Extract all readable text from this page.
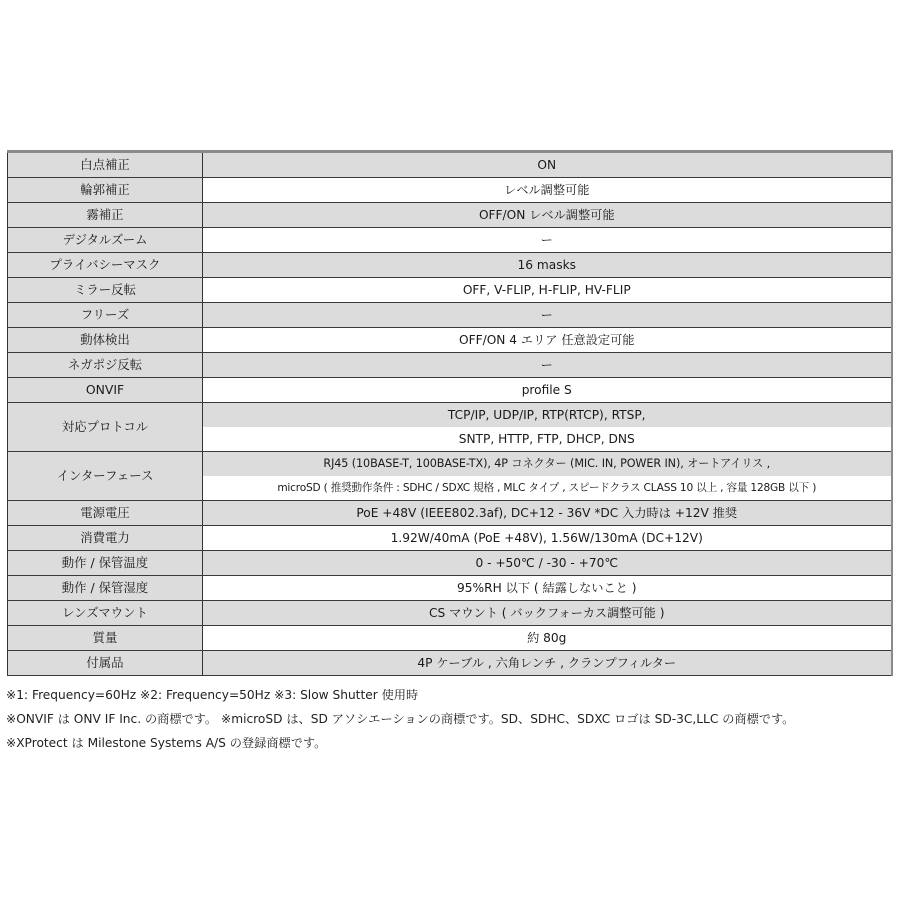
白点補正	ON
輪郭補正	レベル調整可能
霧補正	OFF/ON レベル調整可能
デジタルズーム	ー
プライバシーマスク	16 masks
ミラー反転	OFF, V-FLIP, H-FLIP, HV-FLIP
フリーズ	ー
動体検出	OFF/ON 4 エリア 任意設定可能
ネガポジ反転	ー
ONVIF	profile S
対応プロトコル	TCP/IP, UDP/IP, RTP(RTCP), RTSP,
	SNTP, HTTP, FTP, DHCP, DNS
インターフェース	RJ45 (10BASE-T, 100BASE-TX), 4P コネクター (MIC. IN, POWER IN), オートアイリス ,
	microSD ( 推奨動作条件 : SDHC / SDXC 規格 , MLC タイプ , スピードクラス CLASS 10 以上 , 容量 128GB 以下 )
電源電圧	PoE +48V (IEEE802.3af), DC+12 - 36V *DC 入力時は +12V 推奨
消費電力	1.92W/40mA (PoE +48V), 1.56W/130mA (DC+12V)
動作 / 保管温度	0 - +50℃ / -30 - +70℃
動作 / 保管湿度	95%RH 以下 ( 結露しないこと )
レンズマウント	CS マウント ( バックフォーカス調整可能 )
質量	約 80g
付属品	4P ケーブル , 六角レンチ , クランプフィルター
※1: Frequency=60Hz ※2: Frequency=50Hz ※3: Slow Shutter 使用時
※ONVIF は ONV IF Inc. の商標です。 ※microSD は、SD アソシエーションの商標です。SD、SDHC、SDXC ロゴは SD-3C,LLC の商標です。
※XProtect は Milestone Systems A/S の登録商標です。
